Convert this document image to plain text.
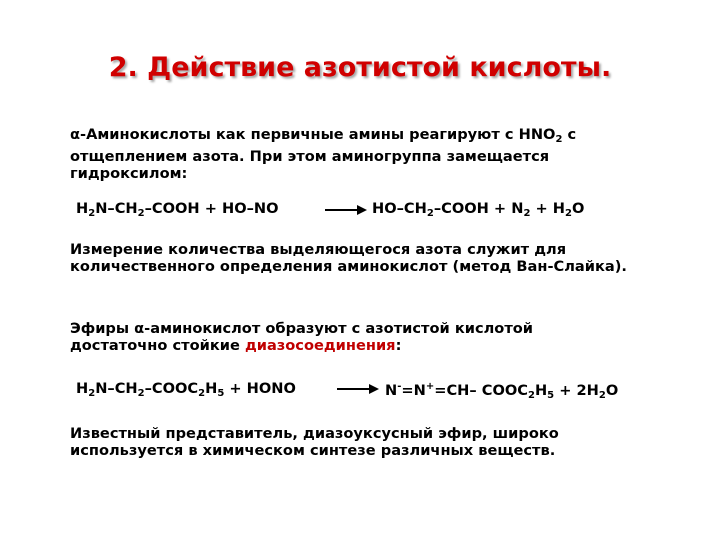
2. Действие азотистой кислоты.
α-Аминокислоты как первичные амины реагируют с $HNO_2$ с отщеплением азота. При этом аминогруппа замещается гидроксилом:
$H_2N-CH_2$–COOH + HO–NO	$HO-CH_2$–COOH + $N_2 + H_2O$
Измерение количества выделяющегося азота служит для количественного определения аминокислот (метод Ван-Слайка).
Эфиры α-аминокислот образуют с азотистой кислотой достаточно стойкие диазосоединения:
$H_2N-CH_2-COOC_2H_5$ + HONO	N-=N+=CH– $COOC_2H_5 + 2H_2O$
Известный представитель, диазоуксусный эфир, широко используется в химическом синтезе различных веществ.
